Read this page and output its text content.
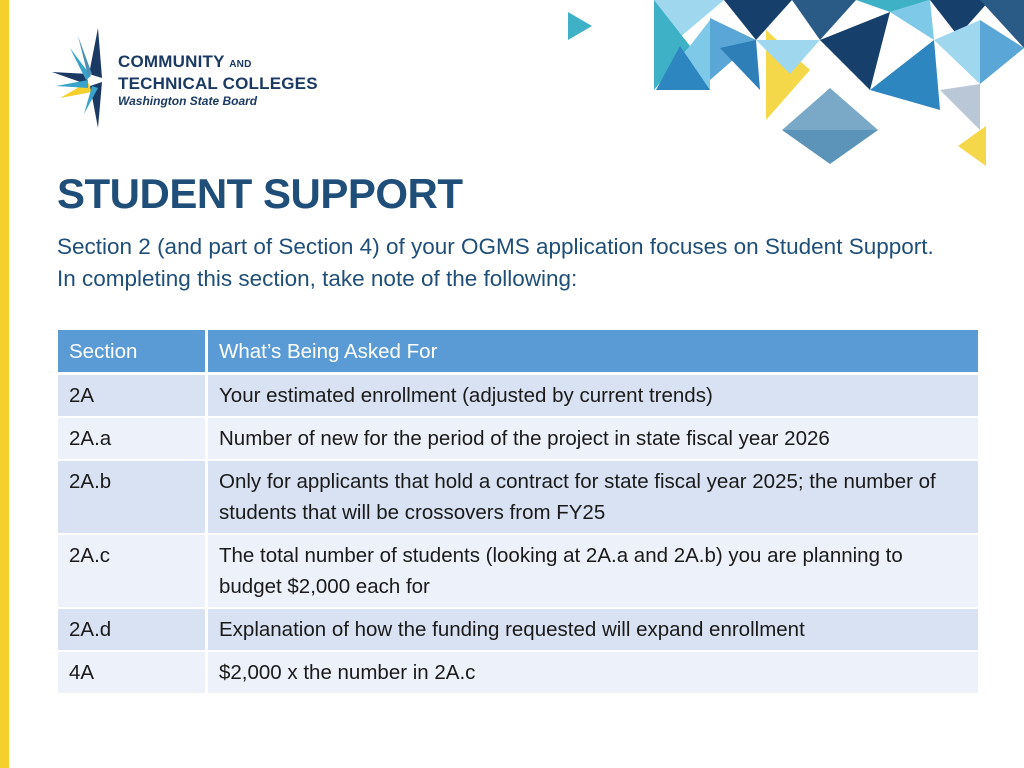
COMMUNITY AND
TECHNICAL COLLEGES
Washington State Board
STUDENT SUPPORT

Section 2 (and part of Section 4) of your OGMS application focuses on Student Support. In completing this section, take note of the following:

Section	What’s Being Asked For
2A	Your estimated enrollment (adjusted by current trends)
2A.a	Number of new for the period of the project in state fiscal year 2026
2A.b	Only for applicants that hold a contract for state fiscal year 2025; the number of students that will be crossovers from FY25
2A.c	The total number of students (looking at 2A.a and 2A.b) you are planning to budget $2,000 each for
2A.d	Explanation of how the funding requested will expand enrollment
4A	$2,000 x the number in 2A.c
